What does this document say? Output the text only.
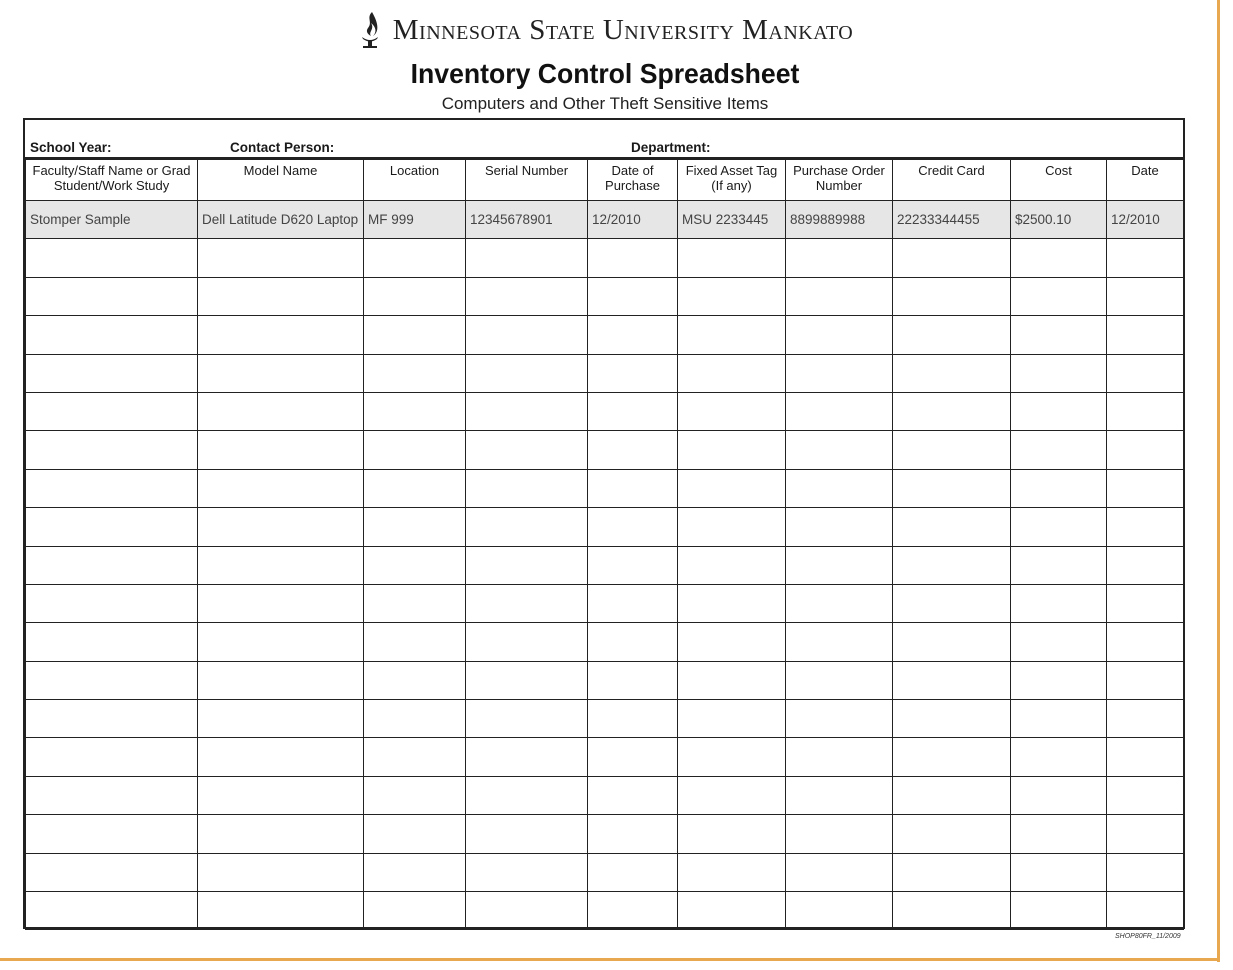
Minnesota State University Mankato
Inventory Control Spreadsheet
Computers and Other Theft Sensitive Items
School Year:	Contact Person:	Department:
Faculty/Staff Name or Grad Student/Work Study	Model Name	Location	Serial Number	Date of Purchase	Fixed Asset Tag (If any)	Purchase Order Number	Credit Card	Cost	Date
Stomper Sample	Dell Latitude D620 Laptop	MF 999	12345678901	12/2010	MSU 2233445	8899889988	22233344455	$2500.10	12/2010

SHOP80FR_11/2009
